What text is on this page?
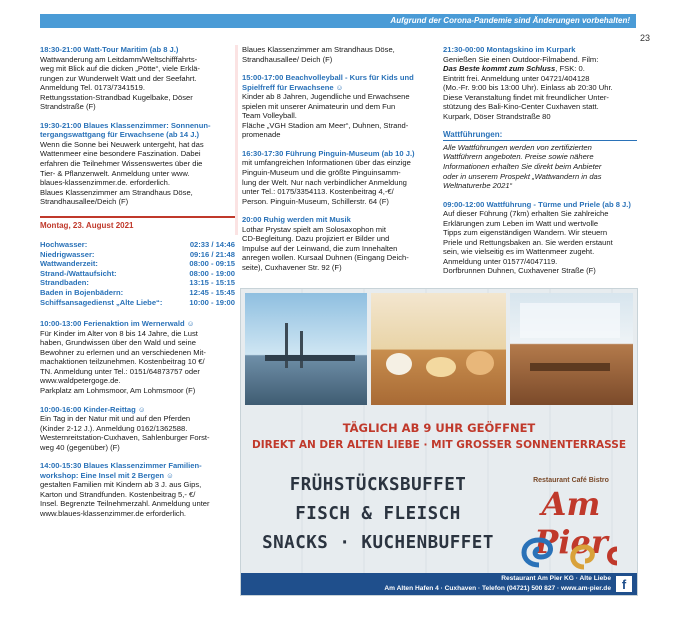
Aufgrund der Corona-Pandemie sind Änderungen vorbehalten!
23
18:30-21:00 Watt-Tour Maritim (ab 8 J.)
Wattwanderung am Leitdamm/Weltschifffahrts-
weg mit Blick auf die dicken „Pötte“, viele Erklä-
rungen zur Wunderwelt Watt und der Seefahrt.
Anmeldung Tel. 0173/7341519.
Rettungsstation-Strandbad Kugelbake, Döser
Strandstraße (F)
19:30-21:00 Blaues Klassenzimmer: Sonnenun-
tergangswattgang für Erwachsene (ab 14 J.)
Wenn die Sonne bei Neuwerk untergeht, hat das
Wattenmeer eine besondere Faszination. Dabei
erfahren die Teilnehmer Wissenswertes über die
Tier- & Pflanzenwelt. Anmeldung unter www.
blaues-klassenzimmer.de. erforderlich.
Blaues Klassenzimmer am Strandhaus Döse,
Strandhausallee/Deich (F)
Montag, 23. August 2021
Hochwasser:	02:33 / 14:46
Niedrigwasser:	09:16 / 21:48
Wattwanderzeit:	08:00 - 09:15
Strand-/Wattaufsicht:	08:00 - 19:00
Strandbaden:	13:15 - 15:15
Baden in Bojenbädern:	12:45 - 15:45
Schiffsansagedienst „Alte Liebe“:	10:00 - 19:00
10:00-13:00 Ferienaktion im Wernerwald ☺
Für Kinder im Alter von 8 bis 14 Jahre, die Lust
haben, Grundwissen über den Wald und seine
Bewohner zu erlernen und an verschiedenen Mit-
machaktionen teilzunehmen. Kostenbeitrag 10 €/
TN. Anmeldung unter Tel.: 0151/64873757 oder
www.waldpetergoge.de.
Parkplatz am Lohmsmoor, Am Lohmsmoor (F)
10:00-16:00 Kinder-Reittag ☺
Ein Tag in der Natur mit und auf den Pferden
(Kinder 2-12 J.). Anmeldung 0162/1362588.
Westernreitstation-Cuxhaven, Sahlenburger Forst-
weg 40 (gegenüber) (F)
14:00-15:30 Blaues Klassenzimmer Familien-
workshop: Eine Insel mit 2 Bergen ☺
gestalten Familien mit Kindern ab 3 J. aus Gips,
Karton und Strandfunden. Kostenbeitrag 5,- €/
Insel. Begrenzte Teilnehmerzahl. Anmeldung unter
www.blaues-klassenzimmer.de erforderlich.
Blaues Klassenzimmer am Strandhaus Döse,
Strandhausallee/ Deich (F)
15:00-17:00 Beachvolleyball - Kurs für Kids und
Spielfreff für Erwachsene ☺
Kinder ab 8 Jahren, Jugendliche und Erwachsene
spielen mit unserer Animateurin und dem Fun
Team Volleyball.
Fläche „VGH Stadion am Meer“, Duhnen, Strand-
promenade
16:30-17:30 Führung Pinguin-Museum (ab 10 J.)
mit umfangreichen Informationen über das einzige
Pinguin-Museum und die größte Pinguinsamm-
lung der Welt. Nur nach verbindlicher Anmeldung
unter Tel.: 0175/3354113. Kostenbeitrag 4,-€/
Person. Pinguin-Museum, Schillerstr. 64 (F)
20:00 Ruhig werden mit Musik
Lothar Prystav spielt am Solosaxophon mit
CD-Begleitung. Dazu projiziert er Bilder und
Impulse auf der Leinwand, die zum Innehalten
anregen wollen. Kursaal Duhnen (Eingang Deich-
seite), Cuxhavener Str. 92 (F)
21:30-00:00 Montagskino im Kurpark
Genießen Sie einen Outdoor-Filmabend. Film:
Das Beste kommt zum Schluss, FSK: 0.
Eintritt frei. Anmeldung unter 04721/404128
(Mo.-Fr. 9:00 bis 13:00 Uhr). Einlass ab 20:30 Uhr.
Diese Veranstaltung findet mit freundlicher Unter-
stützung des Bali-Kino-Center Cuxhaven statt.
Kurpark, Döser Strandstraße 80
Wattführungen:
Alle Wattführungen werden von zertifizierten
Wattführern angeboten. Preise sowie nähere
Informationen erhalten Sie direkt beim Anbieter
oder in unserem Prospekt „Wattwandern in das
Weltnaturerbe 2021“
09:00-12:00 Wattführung - Türme und Priele (ab 8 J.)
Auf dieser Führung (7km) erhalten Sie zahlreiche
Erklärungen zum Leben im Watt und wertvolle
Tipps zum eigenständigen Wandern. Wir steuern
Priele und Rettungsbaken an. Sie werden erstaunt
sein, wie vielseitig es im Wattenmeer zugeht.
Anmeldung unter 01577/4047119.
Dorfbrunnen Duhnen, Cuxhavener Straße (F)
TÄGLICH AB 9 UHR GEÖFFNET
DIREKT AN DER ALTEN LIEBE · MIT GROSSER SONNENTERRASSE
FRÜHSTÜCKSBUFFET
FISCH & FLEISCH
SNACKS · KUCHENBUFFET
Restaurant Café Bistro
Am Pier
Restaurant Am Pier KG · Alte Liebe
Am Alten Hafen 4 · Cuxhaven · Telefon (04721) 500 827 · www.am-pier.de f
